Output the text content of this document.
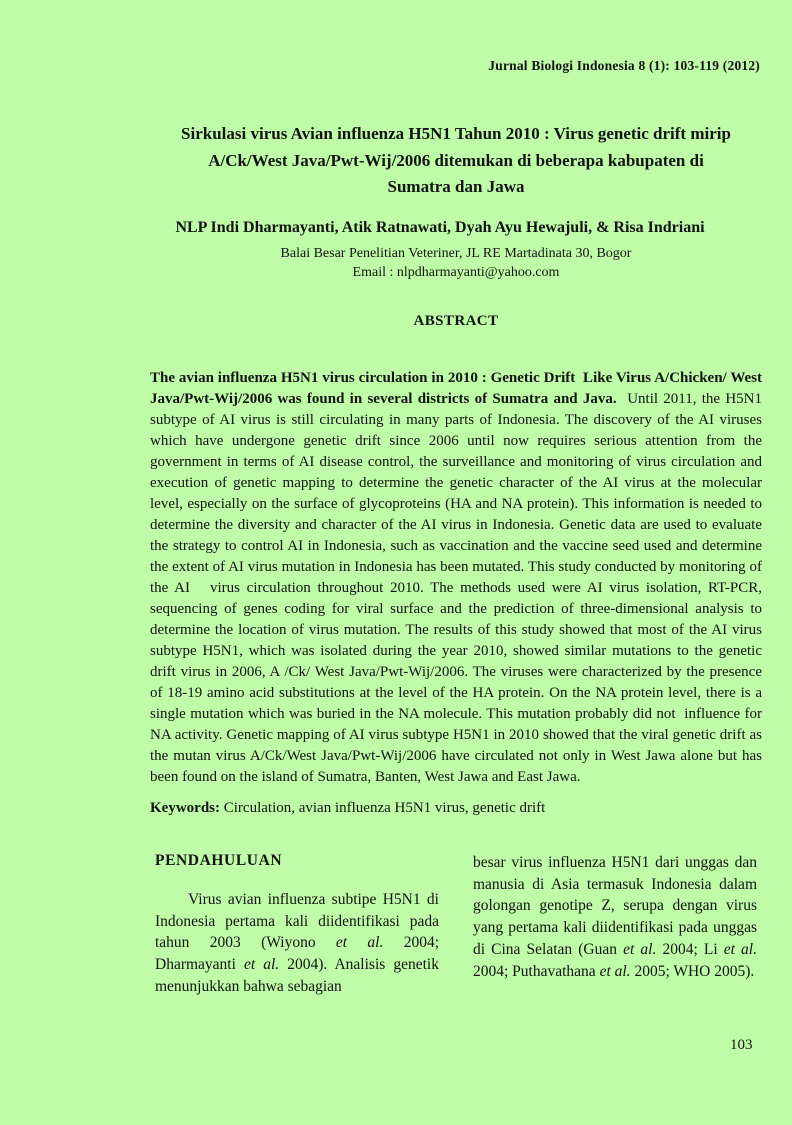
Jurnal Biologi Indonesia 8 (1): 103-119 (2012)
Sirkulasi virus Avian influenza H5N1 Tahun 2010 : Virus genetic drift mirip
A/Ck/West Java/Pwt-Wij/2006 ditemukan di beberapa kabupaten di
Sumatra dan Jawa
NLP Indi Dharmayanti, Atik Ratnawati, Dyah Ayu Hewajuli, & Risa Indriani
Balai Besar Penelitian Veteriner, JL RE Martadinata 30, Bogor
Email : nlpdharmayanti@yahoo.com
ABSTRACT

The avian influenza H5N1 virus circulation in 2010 : Genetic Drift  Like Virus A/Chicken/ West Java/Pwt-Wij/2006 was found in several districts of Sumatra and Java.  Until 2011, the H5N1 subtype of AI virus is still circulating in many parts of Indonesia. The discovery of the AI viruses which have undergone genetic drift since 2006 until now requires serious attention from the government in terms of AI disease control, the surveillance and monitoring of virus circulation and execution of genetic mapping to determine the genetic character of the AI virus at the molecular level, especially on the surface of glycoproteins (HA and NA protein). This information is needed to determine the diversity and character of the AI virus in Indonesia. Genetic data are used to evaluate the strategy to control AI in Indonesia, such as vaccination and the vaccine seed used and determine the extent of AI virus mutation in Indonesia has been mutated. This study conducted by monitoring of the AI   virus circulation throughout 2010. The methods used were AI virus isolation, RT-PCR, sequencing of genes coding for viral surface and the prediction of three-dimensional analysis to determine the location of virus mutation. The results of this study showed that most of the AI virus subtype H5N1, which was isolated during the year 2010, showed similar mutations to the genetic drift virus in 2006, A /Ck/ West Java/Pwt-Wij/2006. The viruses were characterized by the presence of 18-19 amino acid substitutions at the level of the HA protein. On the NA protein level, there is a single mutation which was buried in the NA molecule. This mutation probably did not  influence for NA activity. Genetic mapping of AI virus subtype H5N1 in 2010 showed that the viral genetic drift as the mutan virus A/Ck/West Java/Pwt-Wij/2006 have circulated not only in West Jawa alone but has been found on the island of Sumatra, Banten, West Jawa and East Jawa.

Keywords: Circulation, avian influenza H5N1 virus, genetic drift

PENDAHULUAN

Virus avian influenza subtipe H5N1 di Indonesia pertama kali diidentifikasi pada tahun 2003 (Wiyono et al. 2004; Dharmayanti et al. 2004). Analisis genetik menunjukkan bahwa sebagian

besar virus influenza H5N1 dari unggas dan manusia di Asia termasuk Indonesia dalam golongan genotipe Z, serupa dengan virus yang pertama kali diidentifikasi pada unggas di Cina Selatan (Guan et al. 2004; Li et al. 2004; Puthavathana et al. 2005; WHO 2005).

103
